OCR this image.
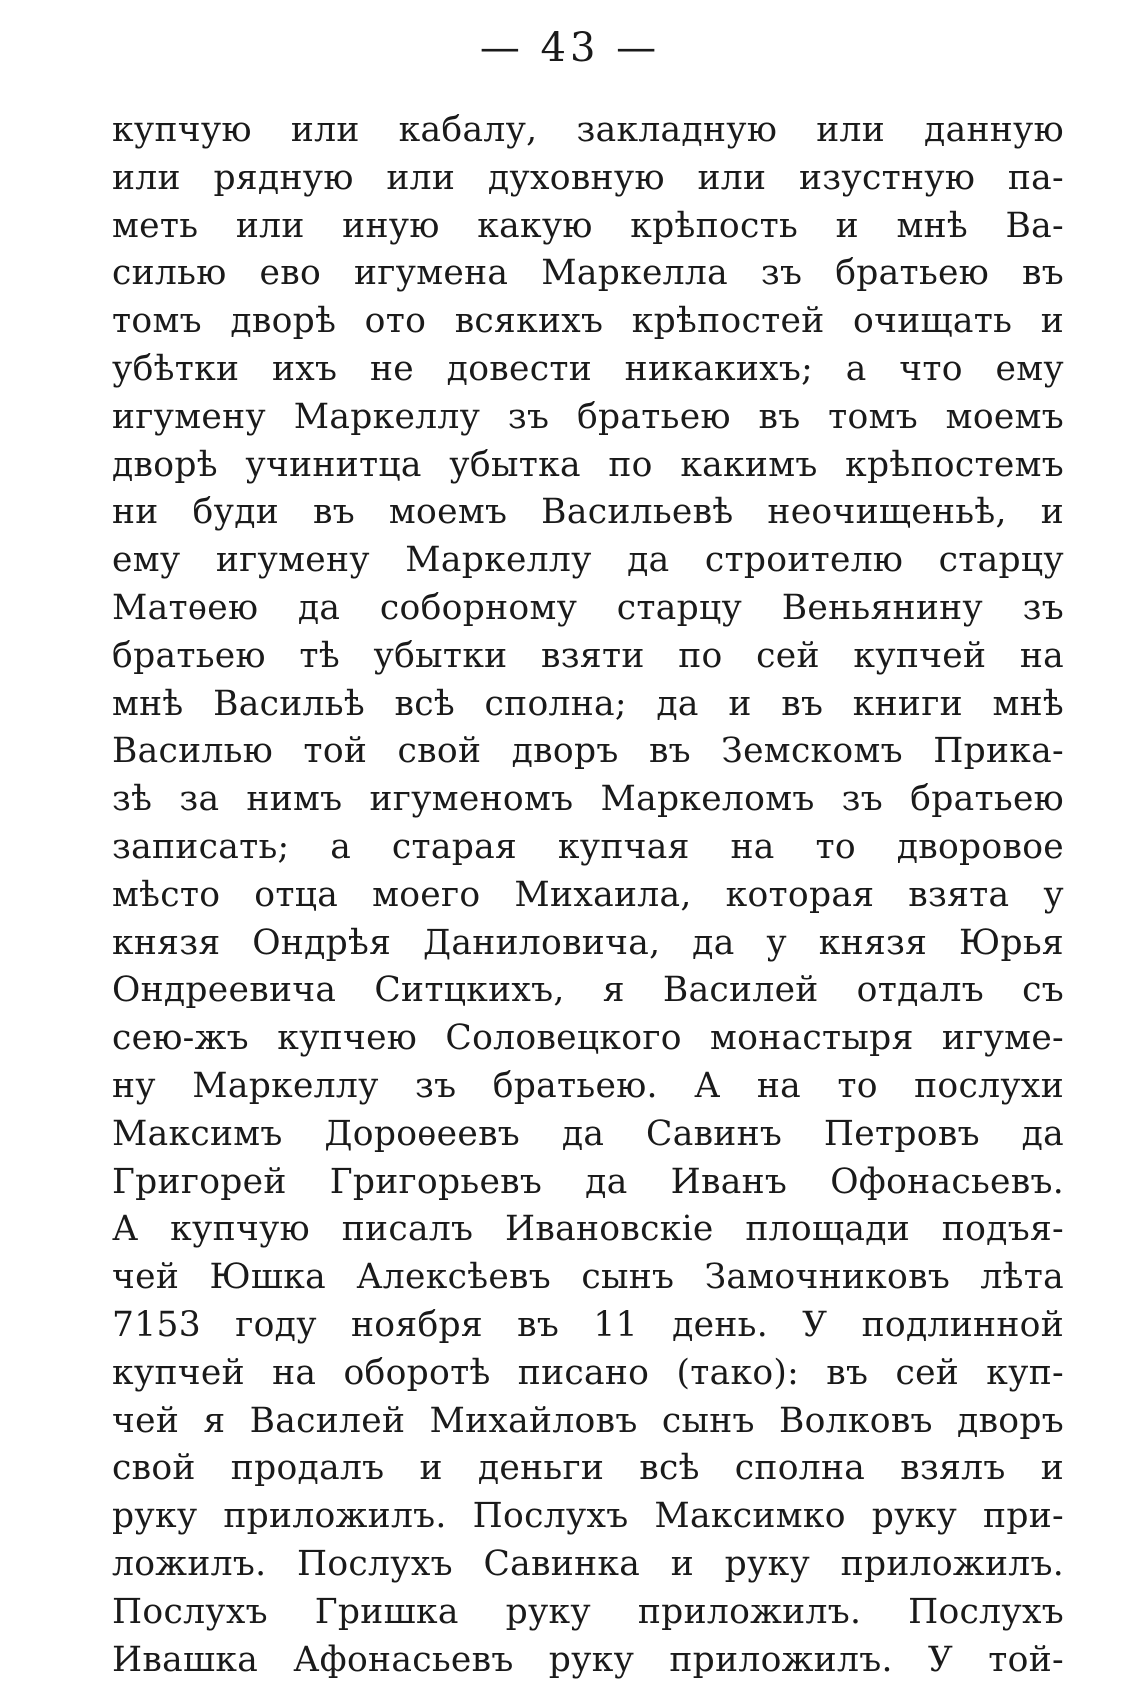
— 43 —
купчую или кабалу, закладную или данную
или рядную или духовную или изустную па-
меть или иную какую крѣпость и мнѣ Ва-
силью ево игумена Маркелла зъ братьею въ
томъ дворѣ ото всякихъ крѣпостей очищать и
убѣтки ихъ не довести никакихъ; а что ему
игумену Маркеллу зъ братьею въ томъ моемъ
дворѣ учинитца убытка по какимъ крѣпостемъ
ни буди въ моемъ Васильевѣ неочищеньѣ, и
ему игумену Маркеллу да строителю старцу
Матѳею да соборному старцу Веньянину зъ
братьею тѣ убытки взяти по сей купчей на
мнѣ Васильѣ всѣ сполна; да и въ книги мнѣ
Василью той свой дворъ въ Земскомъ Прика-
зѣ за нимъ игуменомъ Маркеломъ зъ братьею
записать; а старая купчая на то дворовое
мѣсто отца моего Михаила, которая взята у
князя Ондрѣя Даниловича, да у князя Юрья
Ондреевича Ситцкихъ, я Василей отдалъ съ
сею-жъ купчею Соловецкого монастыря игуме-
ну Маркеллу зъ братьею. А на то послухи
Максимъ Дороѳеевъ да Савинъ Петровъ да
Григорей Григорьевъ да Иванъ Офонасьевъ.
А купчую писалъ Ивановскіе площади подъя-
чей Юшка Алексѣевъ сынъ Замочниковъ лѣта
7153 году ноября въ 11 день. У подлинной
купчей на оборотѣ писано (тако): въ сей куп-
чей я Василей Михайловъ сынъ Волковъ дворъ
свой продалъ и деньги всѣ сполна взялъ и
руку приложилъ. Послухъ Максимко руку при-
ложилъ. Послухъ Савинка и руку приложилъ.
Послухъ Гришка руку приложилъ. Послухъ
Ивашка Афонасьевъ руку приложилъ. У той-
